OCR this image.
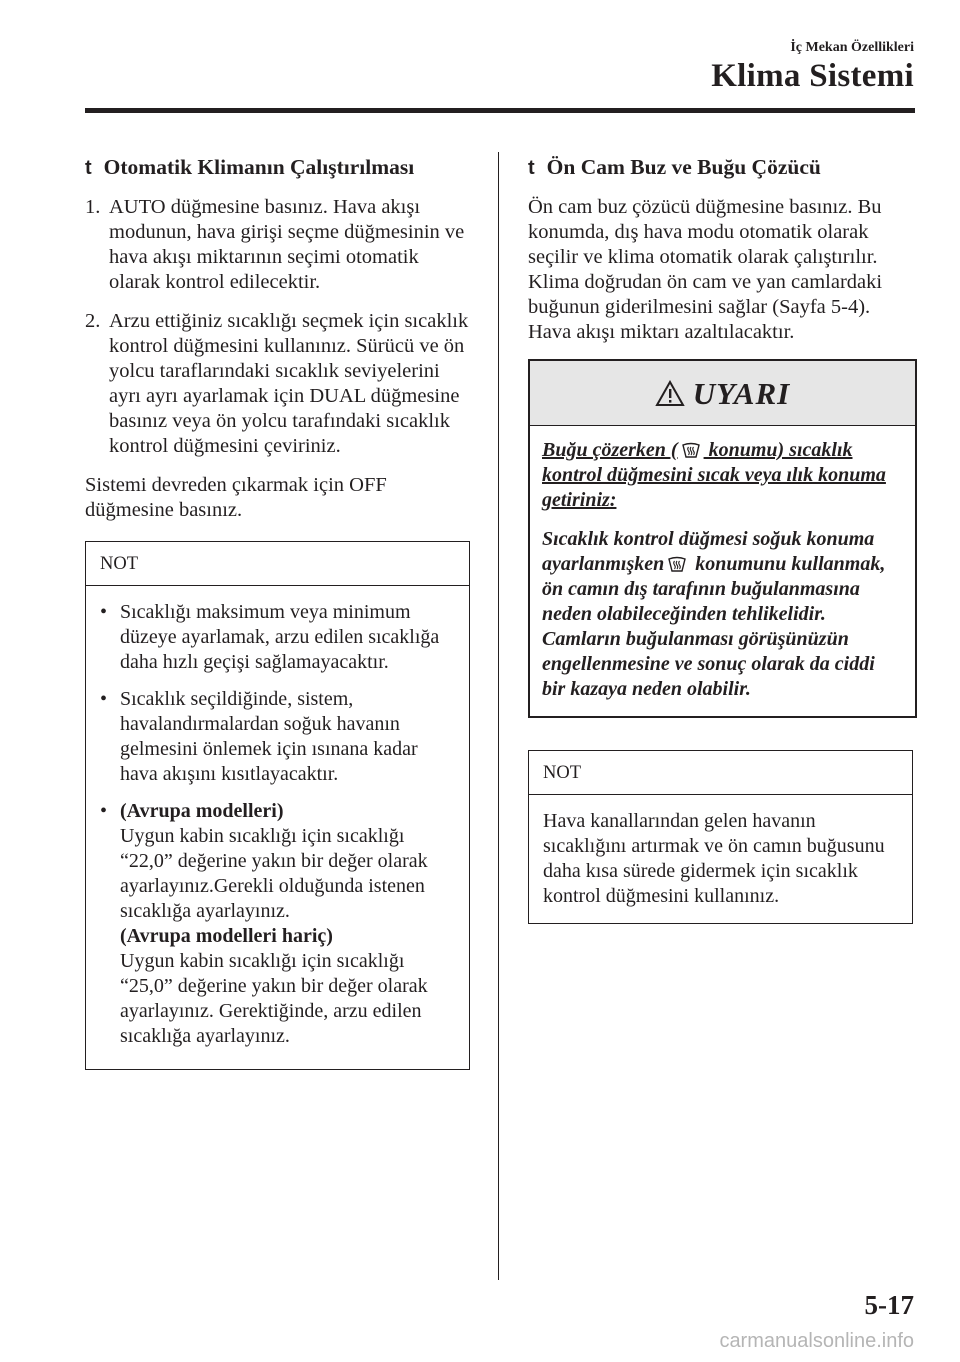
İç Mekan Özellikleri
Klima Sistemi
t Otomatik Klimanın Çalıştırılması
1. AUTO düğmesine basınız. Hava akışı modunun, hava girişi seçme düğmesinin ve hava akışı miktarının seçimi otomatik olarak kontrol edilecektir.
2. Arzu ettiğiniz sıcaklığı seçmek için sıcaklık kontrol düğmesini kullanınız. Sürücü ve ön yolcu taraflarındaki sıcaklık seviyelerini ayrı ayrı ayarlamak için DUAL düğmesine basınız veya ön yolcu tarafındaki sıcaklık kontrol düğmesini çeviriniz.

Sistemi devreden çıkarmak için OFF düğmesine basınız.

NOT
• Sıcaklığı maksimum veya minimum düzeye ayarlamak, arzu edilen sıcaklığa daha hızlı geçişi sağlamayacaktır.
• Sıcaklık seçildiğinde, sistem, havalandırmalardan soğuk havanın gelmesini önlemek için ısınana kadar hava akışını kısıtlayacaktır.
• (Avrupa modelleri)
Uygun kabin sıcaklığı için sıcaklığı “22,0” değerine yakın bir değer olarak ayarlayınız.Gerekli olduğunda istenen sıcaklığa ayarlayınız.
(Avrupa modelleri hariç)
Uygun kabin sıcaklığı için sıcaklığı “25,0” değerine yakın bir değer olarak ayarlayınız. Gerektiğinde, arzu edilen sıcaklığa ayarlayınız.
t Ön Cam Buz ve Buğu Çözücü

Ön cam buz çözücü düğmesine basınız. Bu konumda, dış hava modu otomatik olarak seçilir ve klima otomatik olarak çalıştırılır. Klima doğrudan ön cam ve yan camlardaki buğunun giderilmesini sağlar (Sayfa 5-4). Hava akışı miktarı azaltılacaktır.

UYARI

Buğu çözerken ( konumu) sıcaklık kontrol düğmesini sıcak veya ılık konuma getiriniz:

Sıcaklık kontrol düğmesi soğuk konuma ayarlanmışken konumunu kullanmak, ön camın dış tarafının buğulanmasına neden olabileceğinden tehlikelidir. Camların buğulanması görüşünüzün engellenmesine ve sonuç olarak da ciddi bir kazaya neden olabilir.

NOT
Hava kanallarından gelen havanın sıcaklığını artırmak ve ön camın buğusunu daha kısa sürede gidermek için sıcaklık kontrol düğmesini kullanınız.
5-17
carmanualsonline.info
